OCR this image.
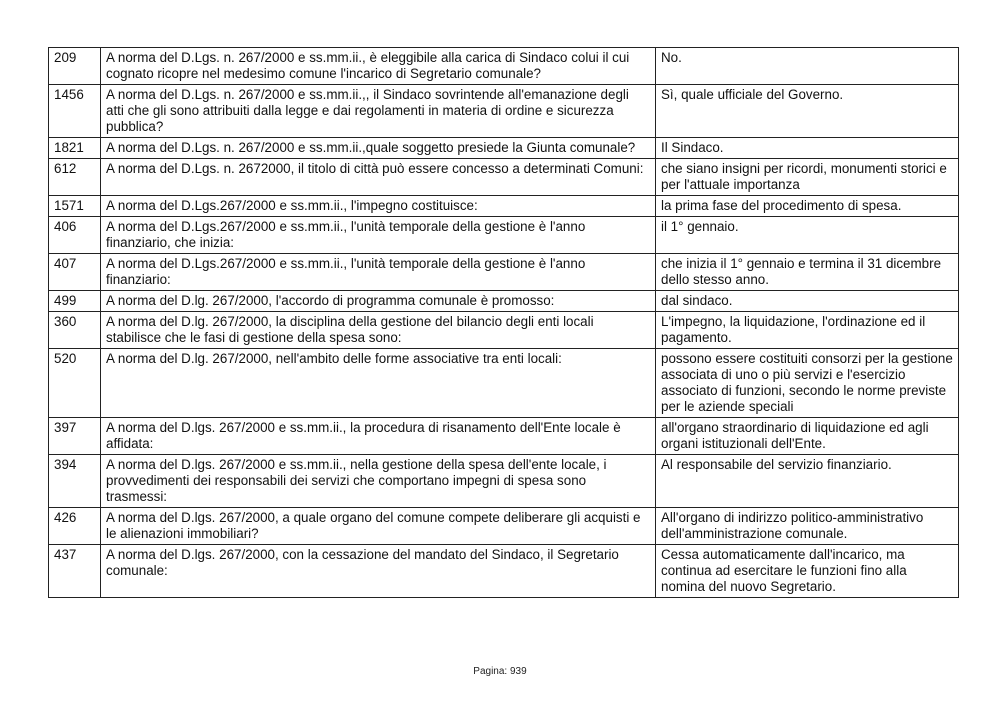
209	A norma del D.Lgs. n. 267/2000 e ss.mm.ii., è eleggibile alla carica di Sindaco colui il cui cognato ricopre nel medesimo comune l'incarico di Segretario comunale?	No.
1456	A norma del D.Lgs. n. 267/2000 e ss.mm.ii.,, il Sindaco sovrintende all'emanazione degli atti che gli sono attribuiti dalla legge e dai regolamenti in materia di ordine e sicurezza pubblica?	Sì, quale ufficiale del Governo.
1821	A norma del D.Lgs. n. 267/2000 e ss.mm.ii.,quale soggetto presiede la Giunta comunale?	Il Sindaco.
612	A norma del D.Lgs. n. 2672000, il titolo di città può essere concesso a determinati Comuni:	che siano insigni per ricordi, monumenti storici e per l'attuale importanza
1571	A norma del D.Lgs.267/2000 e ss.mm.ii., l'impegno costituisce:	la prima fase del procedimento di spesa.
406	A norma del D.Lgs.267/2000 e ss.mm.ii., l'unità temporale della gestione è l'anno finanziario, che inizia:	il 1° gennaio.
407	A norma del D.Lgs.267/2000 e ss.mm.ii., l'unità temporale della gestione è l'anno finanziario:	che inizia il 1° gennaio e termina il 31 dicembre dello stesso anno.
499	A norma del D.lg. 267/2000, l'accordo di programma comunale è promosso:	dal sindaco.
360	A norma del D.lg. 267/2000, la disciplina della gestione del bilancio degli enti locali stabilisce che le fasi di gestione della spesa sono:	L'impegno, la liquidazione, l'ordinazione ed il pagamento.
520	A norma del D.lg. 267/2000, nell'ambito delle forme associative tra enti locali:	possono essere costituiti consorzi per la gestione associata di uno o più servizi e l'esercizio associato di funzioni, secondo le norme previste per le aziende speciali
397	A norma del D.lgs. 267/2000 e ss.mm.ii., la procedura di risanamento dell'Ente locale è affidata:	all'organo straordinario di liquidazione ed agli organi istituzionali dell'Ente.
394	A norma del D.lgs. 267/2000 e ss.mm.ii., nella gestione della spesa dell'ente locale, i provvedimenti dei responsabili dei servizi che comportano impegni di spesa sono trasmessi:	Al responsabile del servizio finanziario.
426	A norma del D.lgs. 267/2000, a quale organo del comune compete deliberare gli acquisti e le alienazioni immobiliari?	All'organo di indirizzo politico-amministrativo dell'amministrazione comunale.
437	A norma del D.lgs. 267/2000, con la cessazione del mandato del Sindaco, il Segretario comunale:	Cessa automaticamente dall'incarico, ma continua ad esercitare le funzioni fino alla nomina del nuovo Segretario.
Pagina: 939
